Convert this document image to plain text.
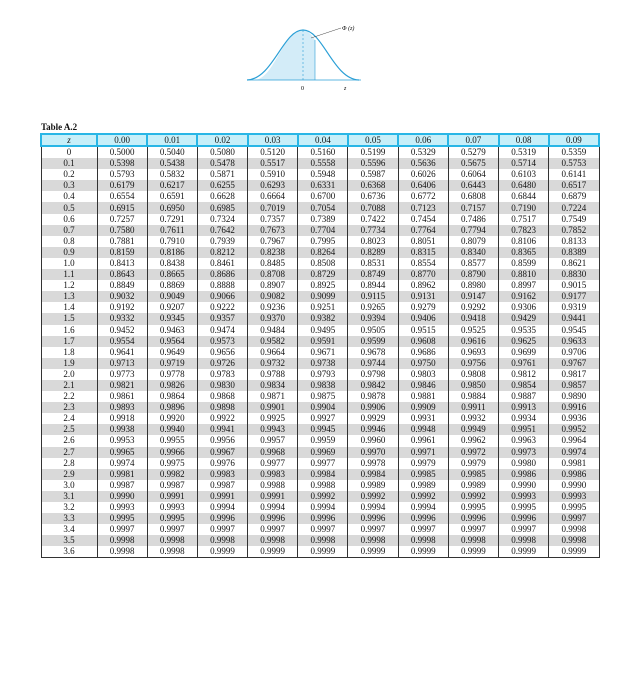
Φ (z)
0	z
Table A.2
z	0.00	0.01	0.02	0.03	0.04	0.05	0.06	0.07	0.08	0.09
0	0.5000	0.5040	0.5080	0.5120	0.5160	0.5199	0.5329	0.5279	0.5319	0.5359
0.1	0.5398	0.5438	0.5478	0.5517	0.5558	0.5596	0.5636	0.5675	0.5714	0.5753
0.2	0.5793	0.5832	0.5871	0.5910	0.5948	0.5987	0.6026	0.6064	0.6103	0.6141
0.3	0.6179	0.6217	0.6255	0.6293	0.6331	0.6368	0.6406	0.6443	0.6480	0.6517
0.4	0.6554	0.6591	0.6628	0.6664	0.6700	0.6736	0.6772	0.6808	0.6844	0.6879
0.5	0.6915	0.6950	0.6985	0.7019	0.7054	0.7088	0.7123	0.7157	0.7190	0.7224
0.6	0.7257	0.7291	0.7324	0.7357	0.7389	0.7422	0.7454	0.7486	0.7517	0.7549
0.7	0.7580	0.7611	0.7642	0.7673	0.7704	0.7734	0.7764	0.7794	0.7823	0.7852
0.8	0.7881	0.7910	0.7939	0.7967	0.7995	0.8023	0.8051	0.8079	0.8106	0.8133
0.9	0.8159	0.8186	0.8212	0.8238	0.8264	0.8289	0.8315	0.8340	0.8365	0.8389
1.0	0.8413	0.8438	0.8461	0.8485	0.8508	0.8531	0.8554	0.8577	0.8599	0.8621
1.1	0.8643	0.8665	0.8686	0.8708	0.8729	0.8749	0.8770	0.8790	0.8810	0.8830
1.2	0.8849	0.8869	0.8888	0.8907	0.8925	0.8944	0.8962	0.8980	0.8997	0.9015
1.3	0.9032	0.9049	0.9066	0.9082	0.9099	0.9115	0.9131	0.9147	0.9162	0.9177
1.4	0.9192	0.9207	0.9222	0.9236	0.9251	0.9265	0.9279	0.9292	0.9306	0.9319
1.5	0.9332	0.9345	0.9357	0.9370	0.9382	0.9394	0.9406	0.9418	0.9429	0.9441
1.6	0.9452	0.9463	0.9474	0.9484	0.9495	0.9505	0.9515	0.9525	0.9535	0.9545
1.7	0.9554	0.9564	0.9573	0.9582	0.9591	0.9599	0.9608	0.9616	0.9625	0.9633
1.8	0.9641	0.9649	0.9656	0.9664	0.9671	0.9678	0.9686	0.9693	0.9699	0.9706
1.9	0.9713	0.9719	0.9726	0.9732	0.9738	0.9744	0.9750	0.9756	0.9761	0.9767
2.0	0.9773	0.9778	0.9783	0.9788	0.9793	0.9798	0.9803	0.9808	0.9812	0.9817
2.1	0.9821	0.9826	0.9830	0.9834	0.9838	0.9842	0.9846	0.9850	0.9854	0.9857
2.2	0.9861	0.9864	0.9868	0.9871	0.9875	0.9878	0.9881	0.9884	0.9887	0.9890
2.3	0.9893	0.9896	0.9898	0.9901	0.9904	0.9906	0.9909	0.9911	0.9913	0.9916
2.4	0.9918	0.9920	0.9922	0.9925	0.9927	0.9929	0.9931	0.9932	0.9934	0.9936
2.5	0.9938	0.9940	0.9941	0.9943	0.9945	0.9946	0.9948	0.9949	0.9951	0.9952
2.6	0.9953	0.9955	0.9956	0.9957	0.9959	0.9960	0.9961	0.9962	0.9963	0.9964
2.7	0.9965	0.9966	0.9967	0.9968	0.9969	0.9970	0.9971	0.9972	0.9973	0.9974
2.8	0.9974	0.9975	0.9976	0.9977	0.9977	0.9978	0.9979	0.9979	0.9980	0.9981
2.9	0.9981	0.9982	0.9983	0.9983	0.9984	0.9984	0.9985	0.9985	0.9986	0.9986
3.0	0.9987	0.9987	0.9987	0.9988	0.9988	0.9989	0.9989	0.9989	0.9990	0.9990
3.1	0.9990	0.9991	0.9991	0.9991	0.9992	0.9992	0.9992	0.9992	0.9993	0.9993
3.2	0.9993	0.9993	0.9994	0.9994	0.9994	0.9994	0.9994	0.9995	0.9995	0.9995
3.3	0.9995	0.9995	0.9996	0.9996	0.9996	0.9996	0.9996	0.9996	0.9996	0.9997
3.4	0.9997	0.9997	0.9997	0.9997	0.9997	0.9997	0.9997	0.9997	0.9997	0.9998
3.5	0.9998	0.9998	0.9998	0.9998	0.9998	0.9998	0.9998	0.9998	0.9998	0.9998
3.6	0.9998	0.9998	0.9999	0.9999	0.9999	0.9999	0.9999	0.9999	0.9999	0.9999
